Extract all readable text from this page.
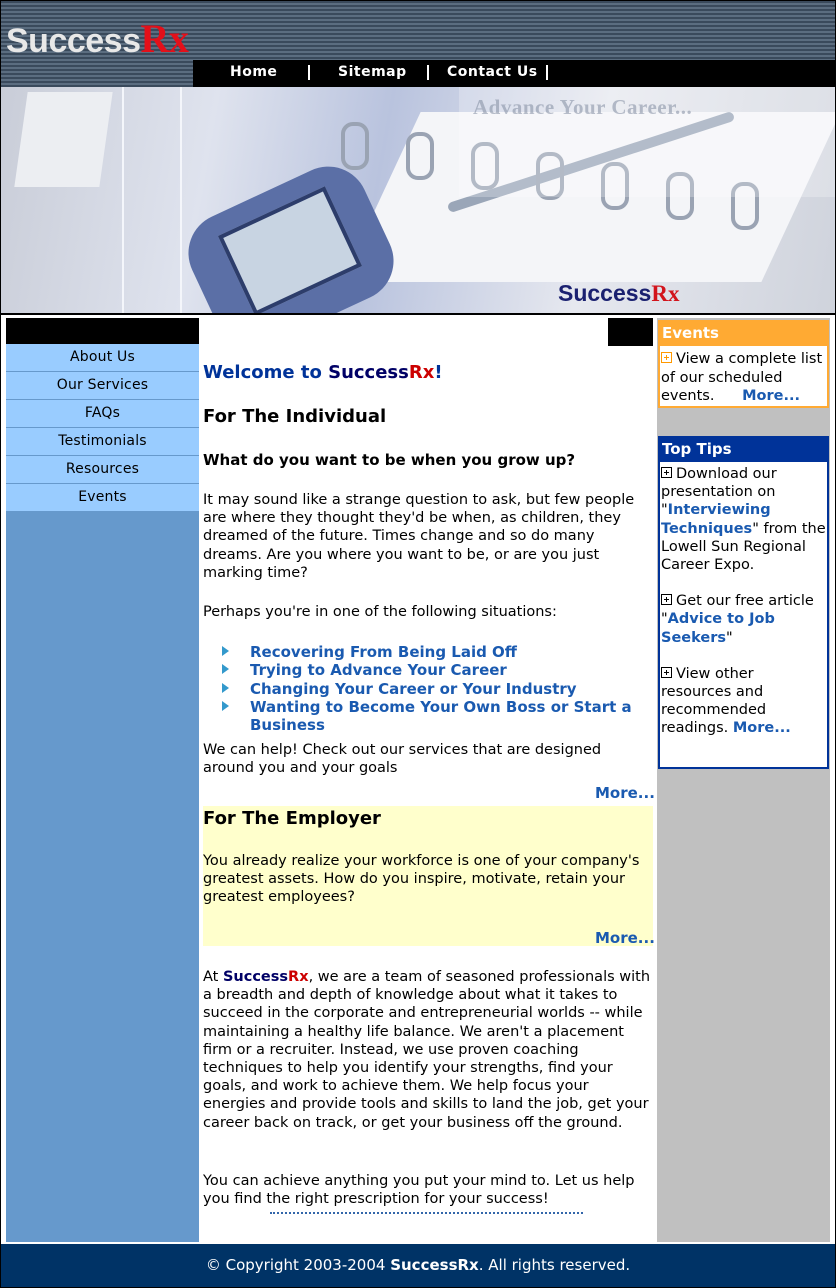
SuccessRx
Home	Sitemap	Contact Us
Advance Your Career...
SuccessRx
About Us
Our Services
FAQs
Testimonials
Resources
Events
Welcome to SuccessRx!
For The Individual
What do you want to be when you grow up?
It may sound like a strange question to ask, but few people are where they thought they'd be when, as children, they dreamed of the future. Times change and so do many dreams. Are you where you want to be, or are you just marking time?
Perhaps you're in one of the following situations:
Recovering From Being Laid Off
Trying to Advance Your Career
Changing Your Career or Your Industry
Wanting to Become Your Own Boss or Start a Business
We can help! Check out our services that are designed around you and your goals
More...
For The Employer
You already realize your workforce is one of your company's greatest assets. How do you inspire, motivate, retain your greatest employees?
More...
At SuccessRx, we are a team of seasoned professionals with a breadth and depth of knowledge about what it takes to succeed in the corporate and entrepreneurial worlds -- while maintaining a healthy life balance. We aren't a placement firm or a recruiter. Instead, we use proven coaching techniques to help you identify your strengths, find your goals, and work to achieve them. We help focus your energies and provide tools and skills to land the job, get your career back on track, or get your business off the ground.
You can achieve anything you put your mind to. Let us help you find the right prescription for your success!
Events
View a complete list of our scheduled events. More...
Top Tips

Download our presentation on "Interviewing Techniques" from the Lowell Sun Regional Career Expo.

Get our free article "Advice to Job Seekers"

View other resources and recommended readings. More...

© Copyright 2003-2004 SuccessRx. All rights reserved.
